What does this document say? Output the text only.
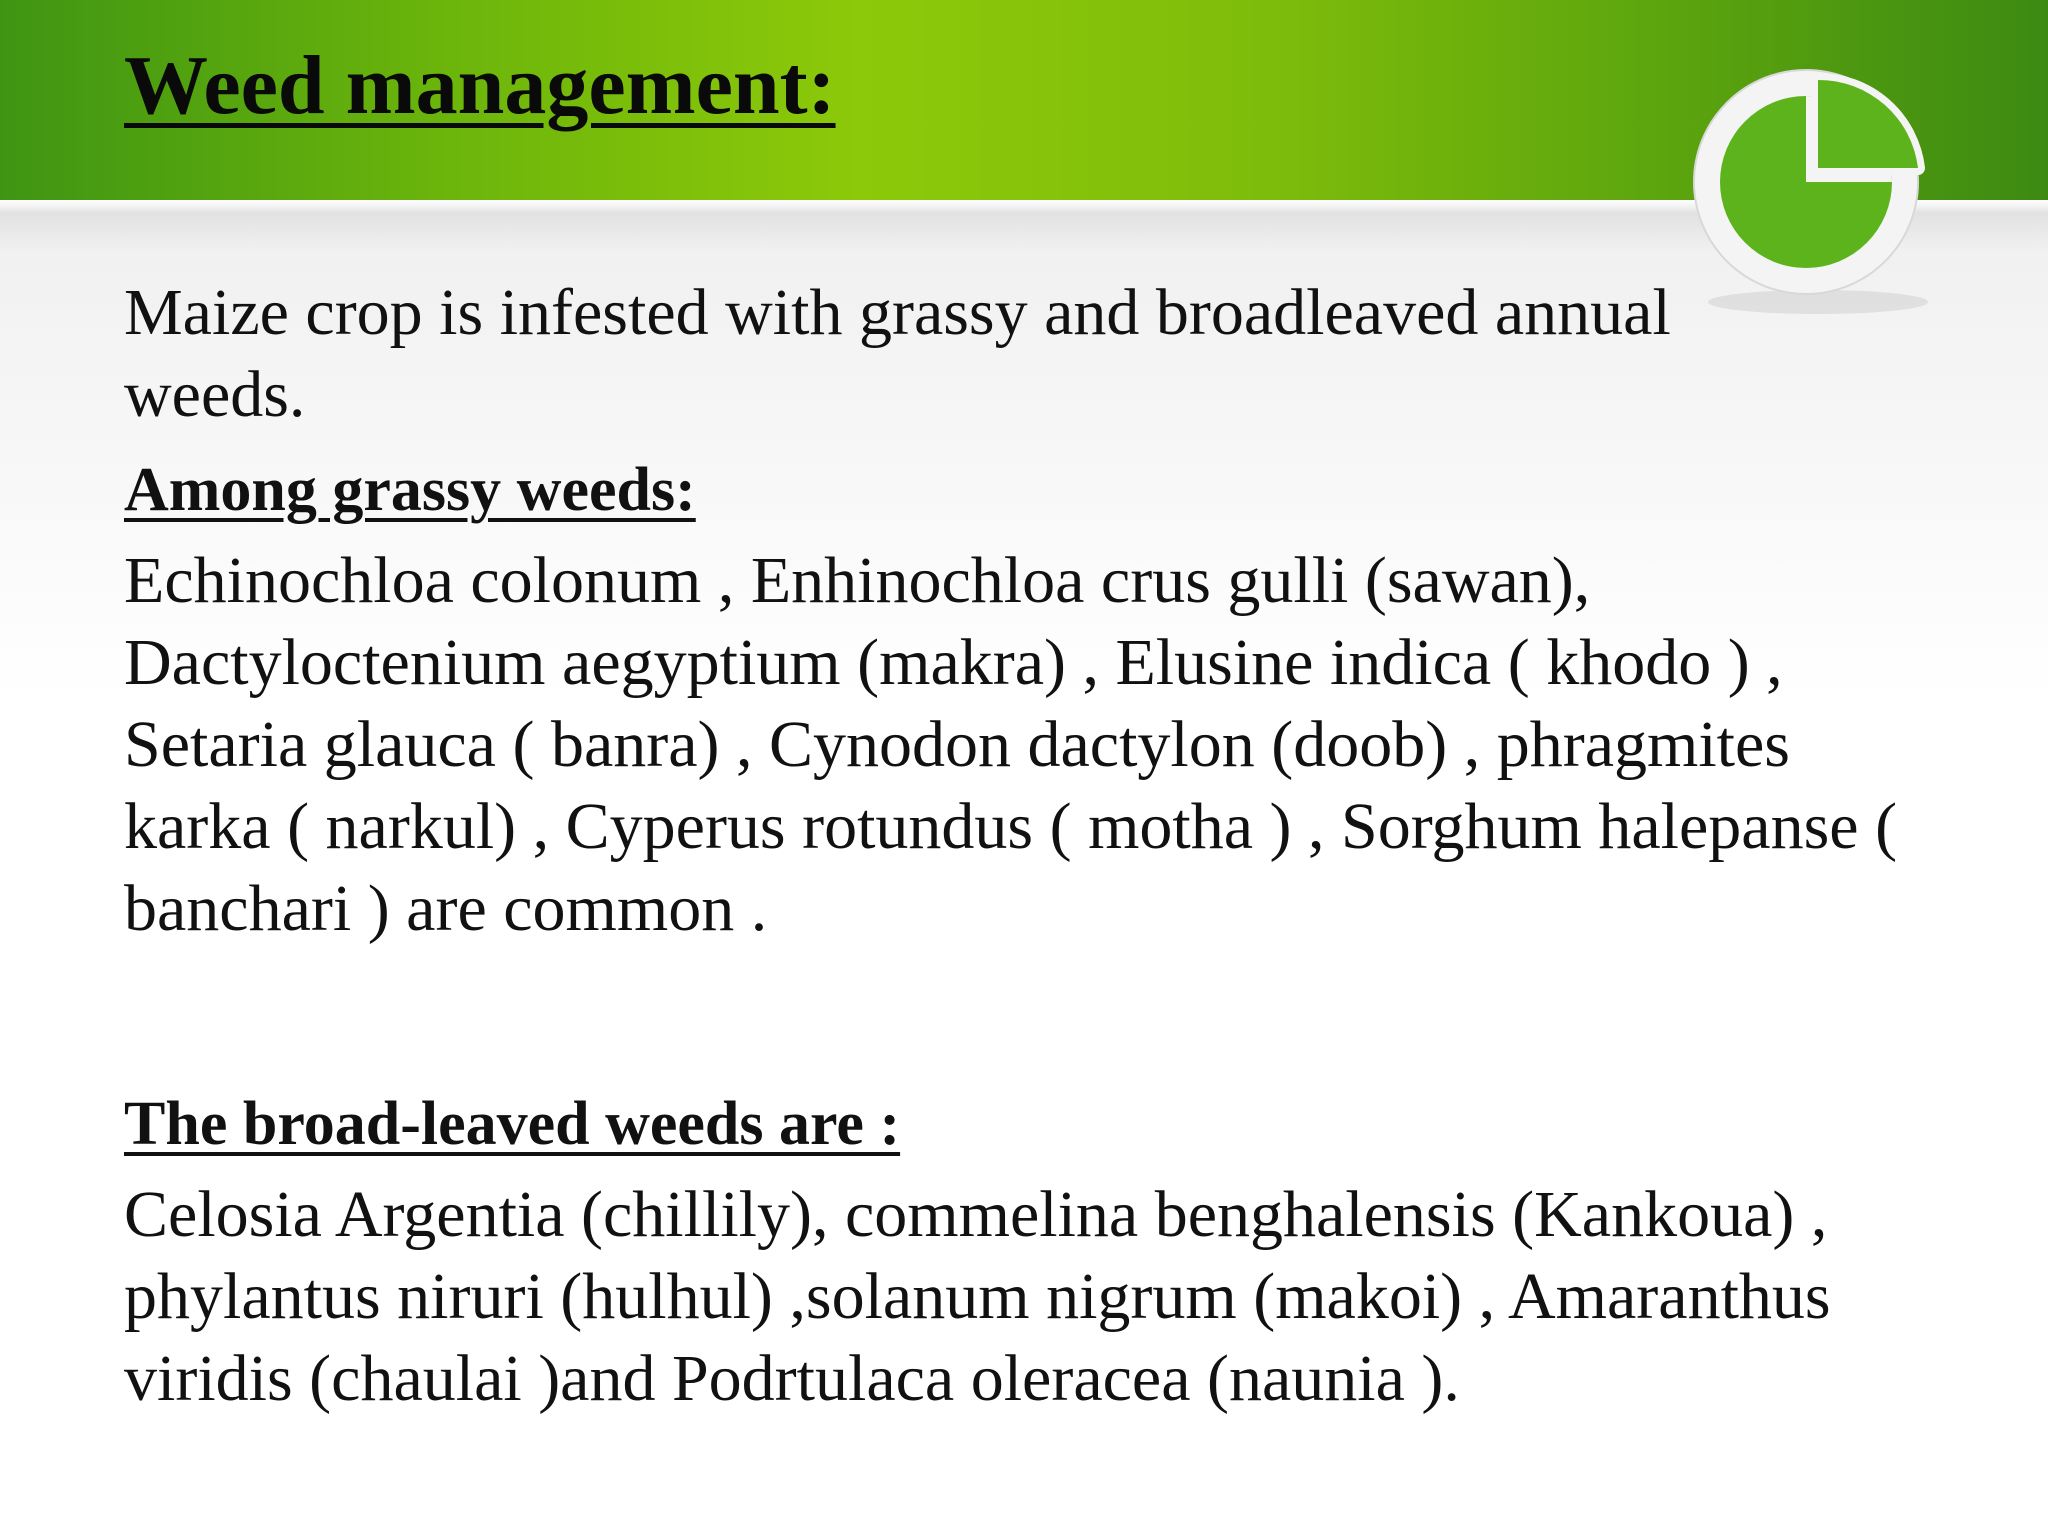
Weed management:

Maize crop is infested with grassy and broadleaved annual weeds.

Among grassy weeds:

Echinochloa colonum , Enhinochloa crus gulli (sawan), Dactyloctenium aegyptium (makra) , Elusine indica ( khodo ) , Setaria glauca ( banra) , Cynodon dactylon (doob) , phragmites karka ( narkul) , Cyperus rotundus ( motha ) , Sorghum halepanse ( banchari ) are common .

The broad-leaved weeds are :

Celosia Argentia (chillily), commelina benghalensis (Kankoua) , phylantus niruri (hulhul) ,solanum nigrum (makoi) , Amaranthus viridis (chaulai )and Podrtulaca oleracea (naunia ).
